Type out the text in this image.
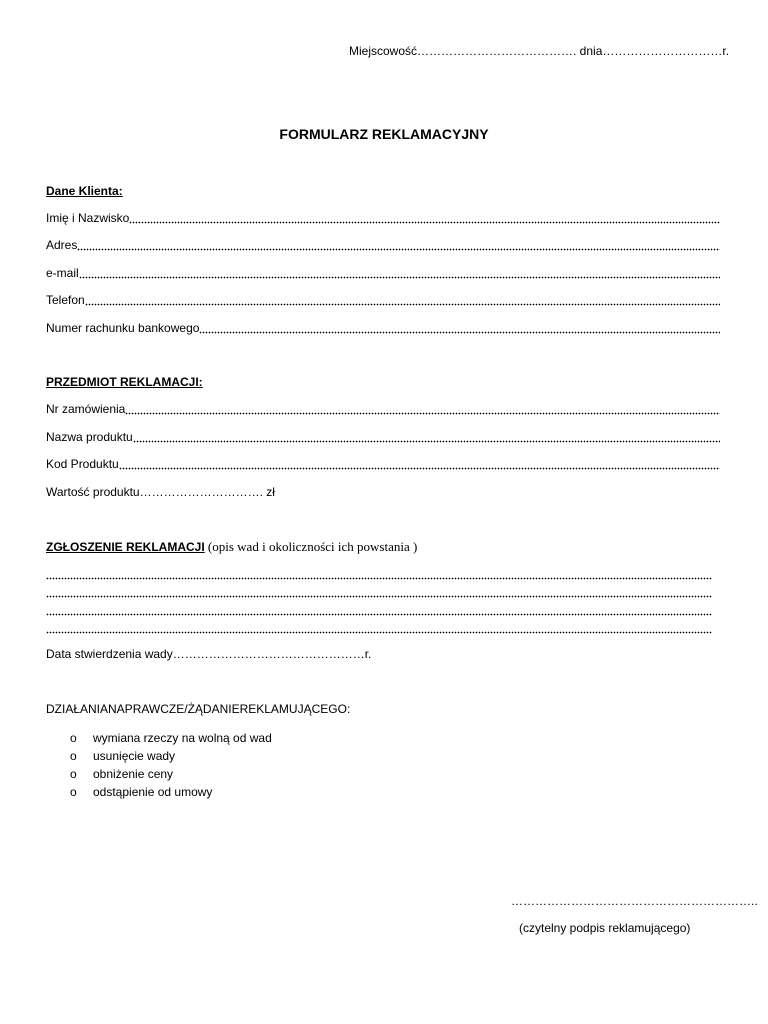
Miejscowość…………………………………. dnia…………………………r.
FORMULARZ REKLAMACYJNY
Dane Klienta:
Imię i Nazwisko
Adres
e-mail
Telefon
Numer rachunku bankowego
PRZEDMIOT REKLAMACJI:
Nr zamówienia
Nazwa produktu
Kod Produktu
Wartość produktu…………………………. zł
ZGŁOSZENIE REKLAMACJI (opis wad i okoliczności ich powstania )
Data stwierdzenia wady…………………………………………r.
DZIAŁANIANAPRAWCZE/ŻĄDANIEREKLAMUJĄCEGO:
o	wymiana rzeczy na wolną od wad
o	usunięcie wady
o	obniżenie ceny
o	odstąpienie od umowy
……………………………………………………..
(czytelny podpis reklamującego)
